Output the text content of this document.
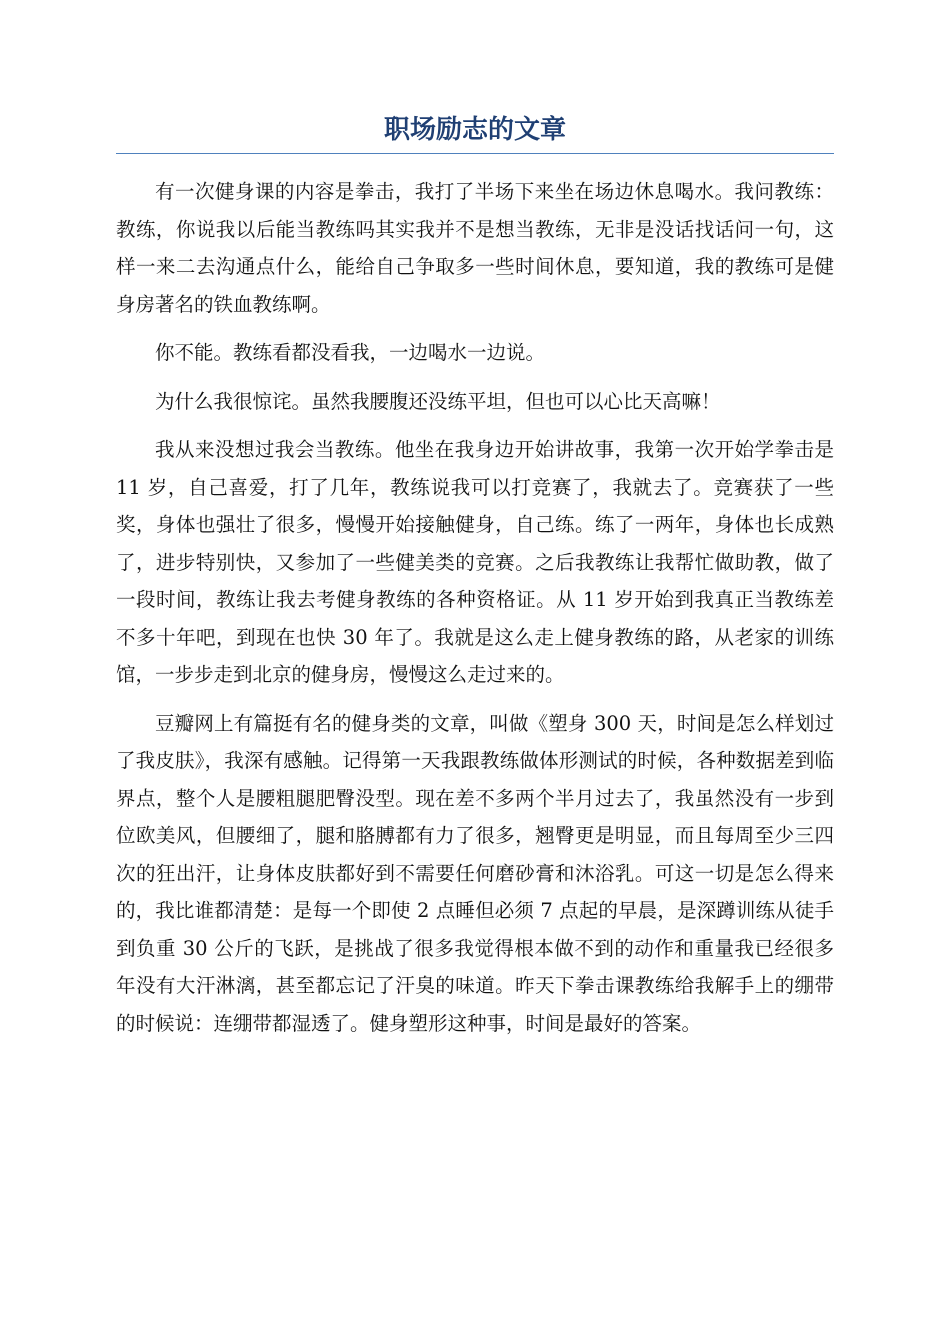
职场励志的文章

有一次健身课的内容是拳击，我打了半场下来坐在场边休息喝水。我问教练：教练，你说我以后能当教练吗其实我并不是想当教练，无非是没话找话问一句，这样一来二去沟通点什么，能给自己争取多一些时间休息，要知道，我的教练可是健身房著名的铁血教练啊。

你不能。教练看都没看我，一边喝水一边说。

为什么我很惊诧。虽然我腰腹还没练平坦，但也可以心比天高嘛！

我从来没想过我会当教练。他坐在我身边开始讲故事，我第一次开始学拳击是 11 岁，自己喜爱，打了几年，教练说我可以打竞赛了，我就去了。竞赛获了一些奖，身体也强壮了很多，慢慢开始接触健身，自己练。练了一两年，身体也长成熟了，进步特别快，又参加了一些健美类的竞赛。之后我教练让我帮忙做助教，做了一段时间，教练让我去考健身教练的各种资格证。从 11 岁开始到我真正当教练差不多十年吧，到现在也快 30 年了。我就是这么走上健身教练的路，从老家的训练馆，一步步走到北京的健身房，慢慢这么走过来的。

豆瓣网上有篇挺有名的健身类的文章，叫做《塑身 300 天，时间是怎么样划过了我皮肤》，我深有感触。记得第一天我跟教练做体形测试的时候，各种数据差到临界点，整个人是腰粗腿肥臀没型。现在差不多两个半月过去了，我虽然没有一步到位欧美风，但腰细了，腿和胳膊都有力了很多，翘臀更是明显，而且每周至少三四次的狂出汗，让身体皮肤都好到不需要任何磨砂膏和沐浴乳。可这一切是怎么得来的，我比谁都清楚：是每一个即使 2 点睡但必须 7 点起的早晨，是深蹲训练从徒手到负重 30 公斤的飞跃，是挑战了很多我觉得根本做不到的动作和重量我已经很多年没有大汗淋漓，甚至都忘记了汗臭的味道。昨天下拳击课教练给我解手上的绷带的时候说：连绷带都湿透了。健身塑形这种事，时间是最好的答案。
